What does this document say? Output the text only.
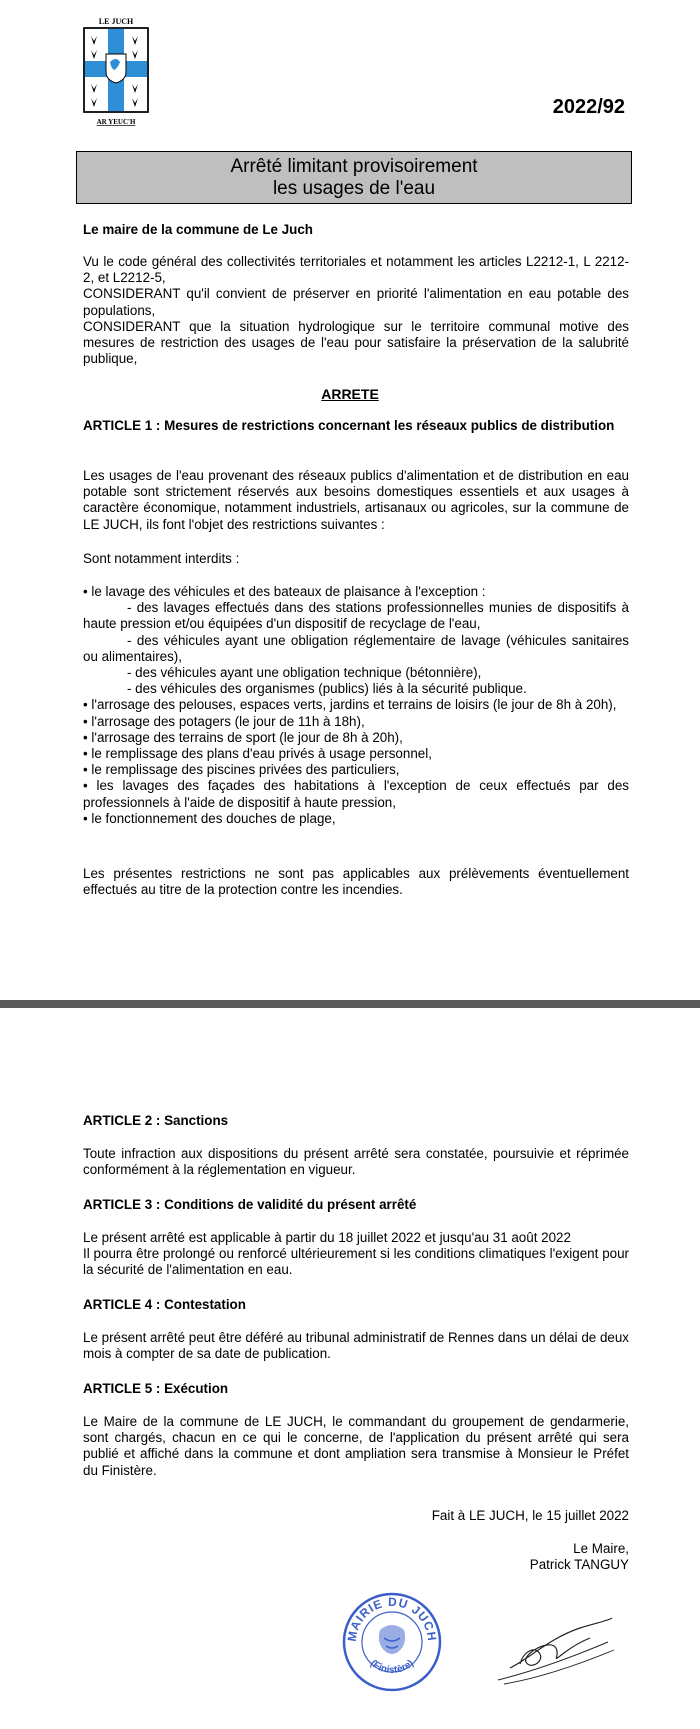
LE JUCH
AR YEUC'H
2022/92
Arrêté limitant provisoirement
les usages de l'eau
Le maire de la commune de Le Juch
Vu le code général des collectivités territoriales et notamment les articles L2212-1, L 2212-2, et L2212-5,
CONSIDERANT qu'il convient de préserver en priorité l'alimentation en eau potable des populations,
CONSIDERANT que la situation hydrologique sur le territoire communal motive des mesures de restriction des usages de l'eau pour satisfaire la préservation de la salubrité publique,
ARRETE
ARTICLE 1 : Mesures de restrictions concernant les réseaux publics de distribution
Les usages de l'eau provenant des réseaux publics d'alimentation et de distribution en eau potable sont strictement réservés aux besoins domestiques essentiels et aux usages à caractère économique, notamment industriels, artisanaux ou agricoles, sur la commune de LE JUCH, ils font l'objet des restrictions suivantes :
Sont notamment interdits :
• le lavage des véhicules et des bateaux de plaisance à l'exception :
- des lavages effectués dans des stations professionnelles munies de dispositifs à haute pression et/ou équipées d'un dispositif de recyclage de l'eau,
- des véhicules ayant une obligation réglementaire de lavage (véhicules sanitaires ou alimentaires),
- des véhicules ayant une obligation technique (bétonnière),
- des véhicules des organismes (publics) liés à la sécurité publique.
• l'arrosage des pelouses, espaces verts, jardins et terrains de loisirs (le jour de 8h à 20h),
• l'arrosage des potagers (le jour de 11h à 18h),
• l'arrosage des terrains de sport (le jour de 8h à 20h),
• le remplissage des plans d'eau privés à usage personnel,
• le remplissage des piscines privées des particuliers,
• les lavages des façades des habitations à l'exception de ceux effectués par des professionnels à l'aide de dispositif à haute pression,
• le fonctionnement des douches de plage,
Les présentes restrictions ne sont pas applicables aux prélèvements éventuellement effectués au titre de la protection contre les incendies.
ARTICLE 2 : Sanctions
Toute infraction aux dispositions du présent arrêté sera constatée, poursuivie et réprimée conformément à la réglementation en vigueur.
ARTICLE 3 : Conditions de validité du présent arrêté
Le présent arrêté est applicable à partir du 18 juillet 2022 et jusqu'au 31 août 2022
Il pourra être prolongé ou renforcé ultérieurement si les conditions climatiques l'exigent pour la sécurité de l'alimentation en eau.
ARTICLE 4 : Contestation
Le présent arrêté peut être déféré au tribunal administratif de Rennes dans un délai de deux mois à compter de sa date de publication.
ARTICLE 5 : Exécution
Le Maire de la commune de LE JUCH, le commandant du groupement de gendarmerie, sont chargés, chacun en ce qui le concerne, de l'application du présent arrêté qui sera publié et affiché dans la commune et dont ampliation sera transmise à Monsieur le Préfet du Finistère.
Fait à LE JUCH, le 15 juillet 2022
Le Maire,
Patrick TANGUY
MAIRIE DU JUCH
(Finistère)
